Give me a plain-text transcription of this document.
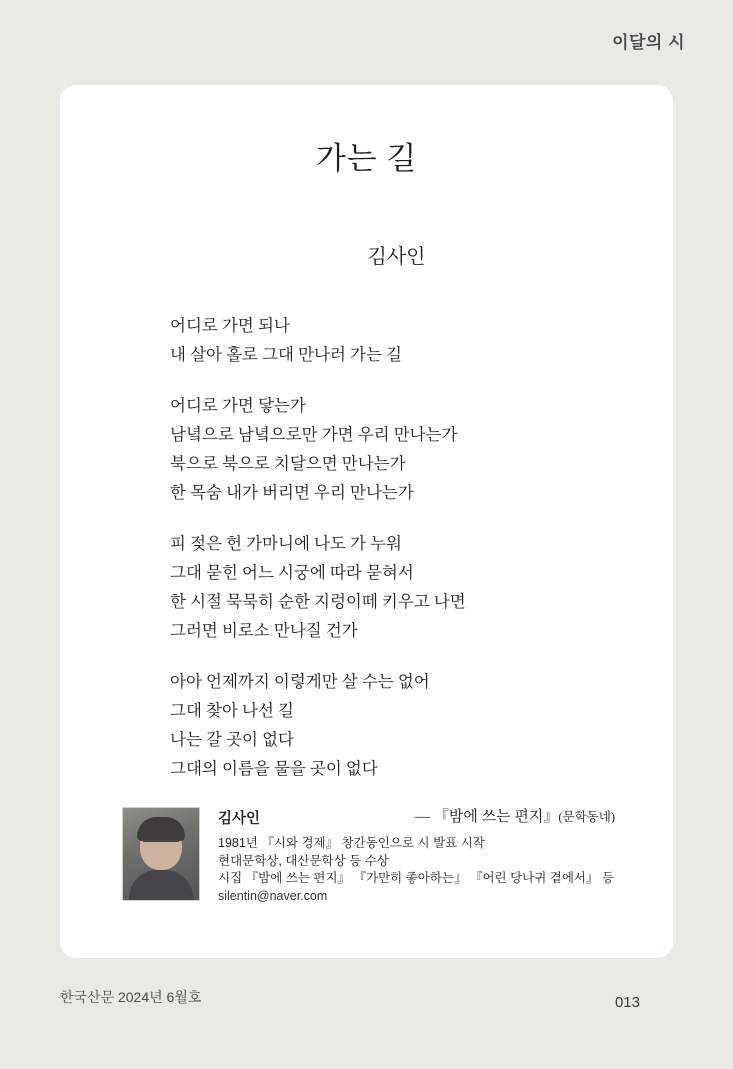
이달의 시
가는 길
김사인
어디로 가면 되나
내 살아 홀로 그대 만나러 가는 길
어디로 가면 닿는가
남녘으로 남녘으로만 가면 우리 만나는가
북으로 북으로 치달으면 만나는가
한 목숨 내가 버리면 우리 만나는가
피 젖은 헌 가마니에 나도 가 누워
그대 묻힌 어느 시궁에 따라 묻혀서
한 시절 묵묵히 순한 지렁이떼 키우고 나면
그러면 비로소 만나질 건가
아아 언제까지 이렇게만 살 수는 없어
그대 찾아 나선 길
나는 갈 곳이 없다
그대의 이름을 물을 곳이 없다
— 『밤에 쓰는 편지』(문학동네)
김사인
1981년 『시와 경제』 창간동인으로 시 발표 시작
현대문학상, 대산문학상 등 수상
시집 『밤에 쓰는 편지』 『가만히 좋아하는』 『어린 당나귀 곁에서』 등
silentin@naver.com
한국산문 2024년 6월호	013
